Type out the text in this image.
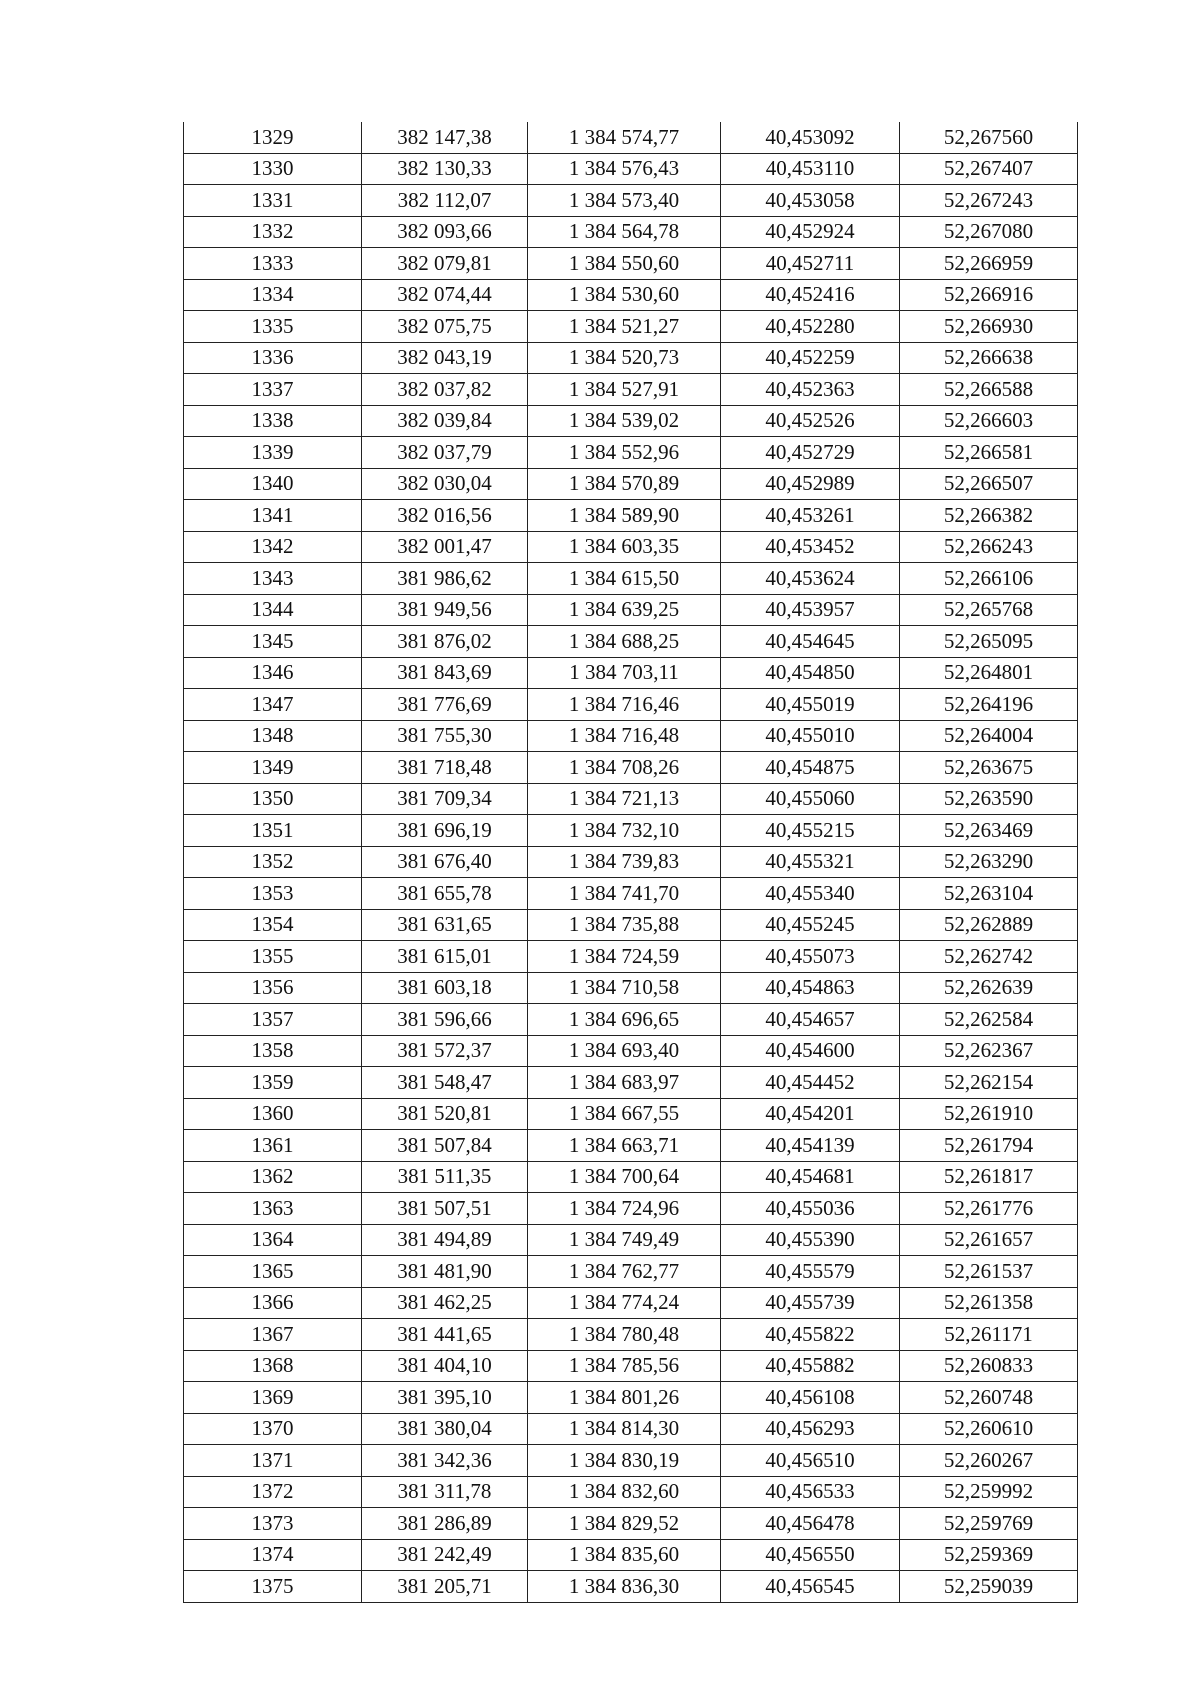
1329	382 147,38	1 384 574,77	40,453092	52,267560
1330	382 130,33	1 384 576,43	40,453110	52,267407
1331	382 112,07	1 384 573,40	40,453058	52,267243
1332	382 093,66	1 384 564,78	40,452924	52,267080
1333	382 079,81	1 384 550,60	40,452711	52,266959
1334	382 074,44	1 384 530,60	40,452416	52,266916
1335	382 075,75	1 384 521,27	40,452280	52,266930
1336	382 043,19	1 384 520,73	40,452259	52,266638
1337	382 037,82	1 384 527,91	40,452363	52,266588
1338	382 039,84	1 384 539,02	40,452526	52,266603
1339	382 037,79	1 384 552,96	40,452729	52,266581
1340	382 030,04	1 384 570,89	40,452989	52,266507
1341	382 016,56	1 384 589,90	40,453261	52,266382
1342	382 001,47	1 384 603,35	40,453452	52,266243
1343	381 986,62	1 384 615,50	40,453624	52,266106
1344	381 949,56	1 384 639,25	40,453957	52,265768
1345	381 876,02	1 384 688,25	40,454645	52,265095
1346	381 843,69	1 384 703,11	40,454850	52,264801
1347	381 776,69	1 384 716,46	40,455019	52,264196
1348	381 755,30	1 384 716,48	40,455010	52,264004
1349	381 718,48	1 384 708,26	40,454875	52,263675
1350	381 709,34	1 384 721,13	40,455060	52,263590
1351	381 696,19	1 384 732,10	40,455215	52,263469
1352	381 676,40	1 384 739,83	40,455321	52,263290
1353	381 655,78	1 384 741,70	40,455340	52,263104
1354	381 631,65	1 384 735,88	40,455245	52,262889
1355	381 615,01	1 384 724,59	40,455073	52,262742
1356	381 603,18	1 384 710,58	40,454863	52,262639
1357	381 596,66	1 384 696,65	40,454657	52,262584
1358	381 572,37	1 384 693,40	40,454600	52,262367
1359	381 548,47	1 384 683,97	40,454452	52,262154
1360	381 520,81	1 384 667,55	40,454201	52,261910
1361	381 507,84	1 384 663,71	40,454139	52,261794
1362	381 511,35	1 384 700,64	40,454681	52,261817
1363	381 507,51	1 384 724,96	40,455036	52,261776
1364	381 494,89	1 384 749,49	40,455390	52,261657
1365	381 481,90	1 384 762,77	40,455579	52,261537
1366	381 462,25	1 384 774,24	40,455739	52,261358
1367	381 441,65	1 384 780,48	40,455822	52,261171
1368	381 404,10	1 384 785,56	40,455882	52,260833
1369	381 395,10	1 384 801,26	40,456108	52,260748
1370	381 380,04	1 384 814,30	40,456293	52,260610
1371	381 342,36	1 384 830,19	40,456510	52,260267
1372	381 311,78	1 384 832,60	40,456533	52,259992
1373	381 286,89	1 384 829,52	40,456478	52,259769
1374	381 242,49	1 384 835,60	40,456550	52,259369
1375	381 205,71	1 384 836,30	40,456545	52,259039
